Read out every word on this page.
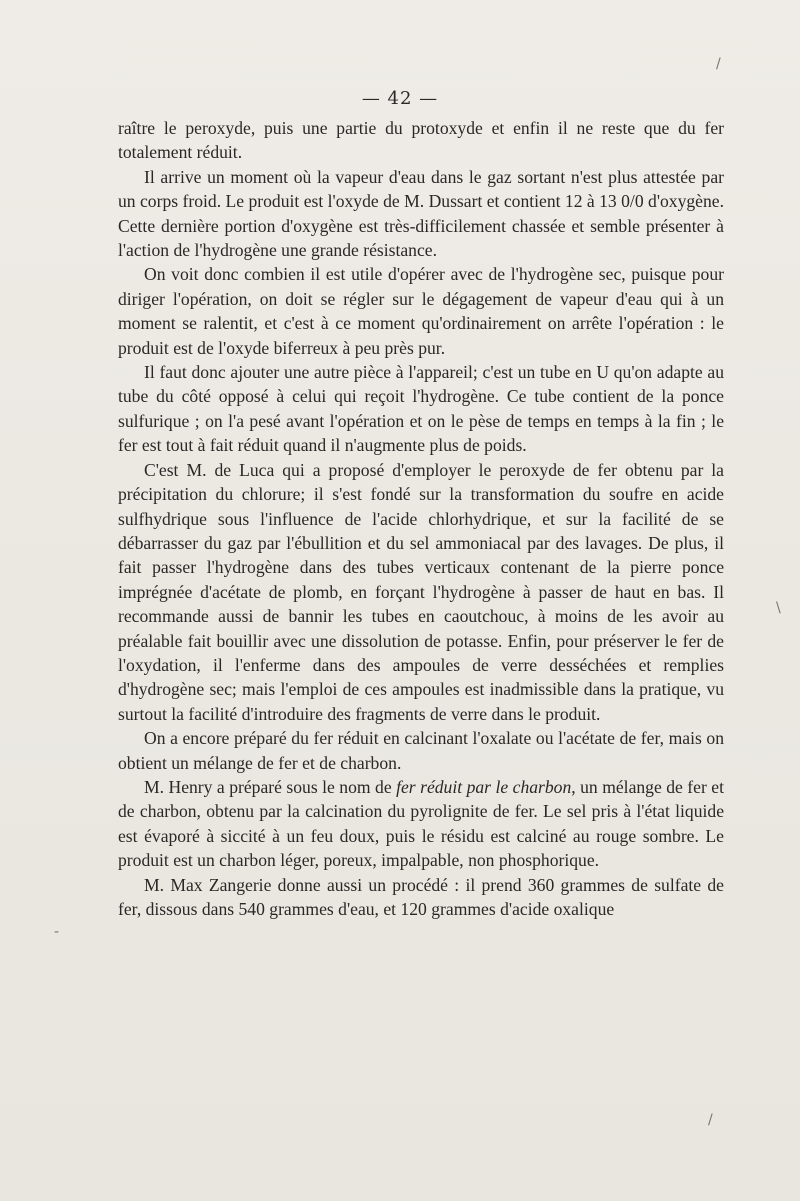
— 42 —

raître le peroxyde, puis une partie du protoxyde et enfin il ne reste que du fer totalement réduit.

Il arrive un moment où la vapeur d'eau dans le gaz sortant n'est plus attestée par un corps froid. Le produit est l'oxyde de M. Dussart et contient 12 à 13 0/0 d'oxygène. Cette dernière portion d'oxygène est très-difficilement chassée et semble présenter à l'action de l'hydrogène une grande résistance.

On voit donc combien il est utile d'opérer avec de l'hydrogène sec, puisque pour diriger l'opération, on doit se régler sur le dégagement de vapeur d'eau qui à un moment se ralentit, et c'est à ce moment qu'ordinairement on arrête l'opération : le produit est de l'oxyde biferreux à peu près pur.

Il faut donc ajouter une autre pièce à l'appareil; c'est un tube en U qu'on adapte au tube du côté opposé à celui qui reçoit l'hydrogène. Ce tube contient de la ponce sulfurique ; on l'a pesé avant l'opération et on le pèse de temps en temps à la fin ; le fer est tout à fait réduit quand il n'augmente plus de poids.

C'est M. de Luca qui a proposé d'employer le peroxyde de fer obtenu par la précipitation du chlorure; il s'est fondé sur la transformation du soufre en acide sulfhydrique sous l'influence de l'acide chlorhydrique, et sur la facilité de se débarrasser du gaz par l'ébullition et du sel ammoniacal par des lavages. De plus, il fait passer l'hydrogène dans des tubes verticaux contenant de la pierre ponce imprégnée d'acétate de plomb, en forçant l'hydrogène à passer de haut en bas. Il recommande aussi de bannir les tubes en caoutchouc, à moins de les avoir au préalable fait bouillir avec une dissolution de potasse. Enfin, pour préserver le fer de l'oxydation, il l'enferme dans des ampoules de verre desséchées et remplies d'hydrogène sec; mais l'emploi de ces ampoules est inadmissible dans la pratique, vu surtout la facilité d'introduire des fragments de verre dans le produit.

On a encore préparé du fer réduit en calcinant l'oxalate ou l'acétate de fer, mais on obtient un mélange de fer et de charbon.

M. Henry a préparé sous le nom de fer réduit par le charbon, un mélange de fer et de charbon, obtenu par la calcination du pyrolignite de fer. Le sel pris à l'état liquide est évaporé à siccité à un feu doux, puis le résidu est calciné au rouge sombre. Le produit est un charbon léger, poreux, impalpable, non phosphorique.

M. Max Zangerie donne aussi un procédé : il prend 360 grammes de sulfate de fer, dissous dans 540 grammes d'eau, et 120 grammes d'acide oxalique

/
\
-
/
